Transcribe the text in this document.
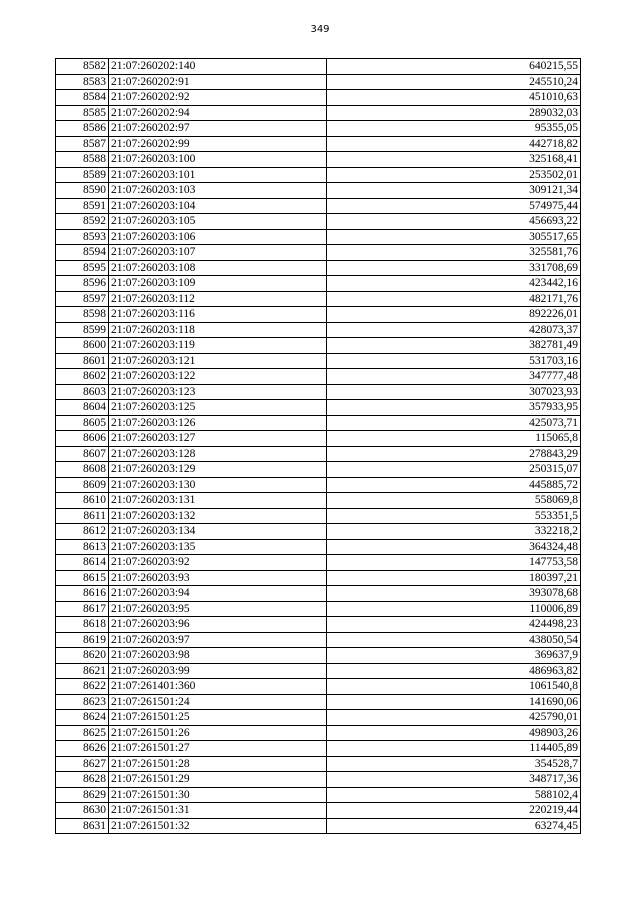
349
8582	21:07:260202:140	640215,55
8583	21:07:260202:91	245510,24
8584	21:07:260202:92	451010,63
8585	21:07:260202:94	289032,03
8586	21:07:260202:97	95355,05
8587	21:07:260202:99	442718,82
8588	21:07:260203:100	325168,41
8589	21:07:260203:101	253502,01
8590	21:07:260203:103	309121,34
8591	21:07:260203:104	574975,44
8592	21:07:260203:105	456693,22
8593	21:07:260203:106	305517,65
8594	21:07:260203:107	325581,76
8595	21:07:260203:108	331708,69
8596	21:07:260203:109	423442,16
8597	21:07:260203:112	482171,76
8598	21:07:260203:116	892226,01
8599	21:07:260203:118	428073,37
8600	21:07:260203:119	382781,49
8601	21:07:260203:121	531703,16
8602	21:07:260203:122	347777,48
8603	21:07:260203:123	307023,93
8604	21:07:260203:125	357933,95
8605	21:07:260203:126	425073,71
8606	21:07:260203:127	115065,8
8607	21:07:260203:128	278843,29
8608	21:07:260203:129	250315,07
8609	21:07:260203:130	445885,72
8610	21:07:260203:131	558069,8
8611	21:07:260203:132	553351,5
8612	21:07:260203:134	332218,2
8613	21:07:260203:135	364324,48
8614	21:07:260203:92	147753,58
8615	21:07:260203:93	180397,21
8616	21:07:260203:94	393078,68
8617	21:07:260203:95	110006,89
8618	21:07:260203:96	424498,23
8619	21:07:260203:97	438050,54
8620	21:07:260203:98	369637,9
8621	21:07:260203:99	486963,82
8622	21:07:261401:360	1061540,8
8623	21:07:261501:24	141690,06
8624	21:07:261501:25	425790,01
8625	21:07:261501:26	498903,26
8626	21:07:261501:27	114405,89
8627	21:07:261501:28	354528,7
8628	21:07:261501:29	348717,36
8629	21:07:261501:30	588102,4
8630	21:07:261501:31	220219,44
8631	21:07:261501:32	63274,45
